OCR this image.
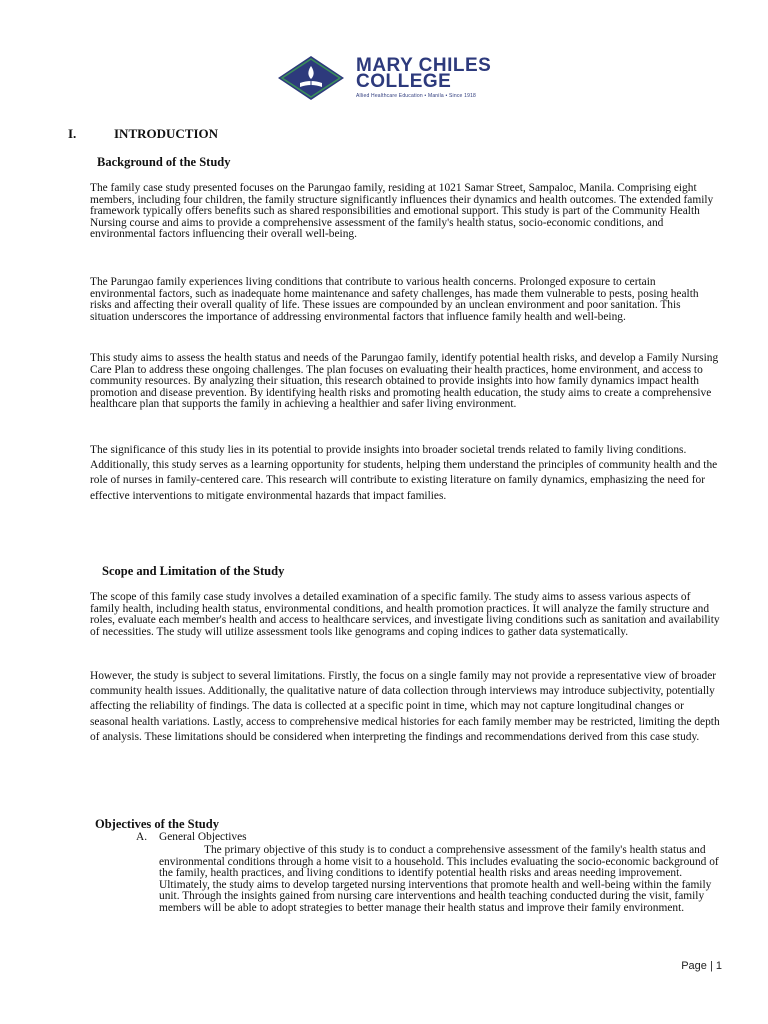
MARY CHILES
COLLEGE
Allied Healthcare Education • Manila • Since 1918
I.	INTRODUCTION
Background of the Study

The family case study presented focuses on the Parungao family, residing at 1021 Samar Street, Sampaloc, Manila. Comprising eight members, including four children, the family structure significantly influences their dynamics and health outcomes. The extended family framework typically offers benefits such as shared responsibilities and emotional support. This study is part of the Community Health Nursing course and aims to provide a comprehensive assessment of the family's health status, socio-economic conditions, and environmental factors influencing their overall well-being.

The Parungao family experiences living conditions that contribute to various health concerns. Prolonged exposure to certain environmental factors, such as inadequate home maintenance and safety challenges, has made them vulnerable to pests, posing health risks and affecting their overall quality of life. These issues are compounded by an unclean environment and poor sanitation. This situation underscores the importance of addressing environmental factors that influence family health and well-being.

This study aims to assess the health status and needs of the Parungao family, identify potential health risks, and develop a Family Nursing Care Plan to address these ongoing challenges. The plan focuses on evaluating their health practices, home environment, and access to community resources. By analyzing their situation, this research obtained to provide insights into how family dynamics impact health promotion and disease prevention. By identifying health risks and promoting health education, the study aims to create a comprehensive healthcare plan that supports the family in achieving a healthier and safer living environment.

The significance of this study lies in its potential to provide insights into broader societal trends related to family living conditions. Additionally, this study serves as a learning opportunity for students, helping them understand the principles of community health and the role of nurses in family-centered care. This research will contribute to existing literature on family dynamics, emphasizing the need for effective interventions to mitigate environmental hazards that impact families.

Scope and Limitation of the Study

The scope of this family case study involves a detailed examination of a specific family. The study aims to assess various aspects of family health, including health status, environmental conditions, and health promotion practices. It will analyze the family structure and roles, evaluate each member's health and access to healthcare services, and investigate living conditions such as sanitation and availability of necessities. The study will utilize assessment tools like genograms and coping indices to gather data systematically.

However, the study is subject to several limitations. Firstly, the focus on a single family may not provide a representative view of broader community health issues. Additionally, the qualitative nature of data collection through interviews may introduce subjectivity, potentially affecting the reliability of findings. The data is collected at a specific point in time, which may not capture longitudinal changes or seasonal health variations. Lastly, access to comprehensive medical histories for each family member may be restricted, limiting the depth of analysis. These limitations should be considered when interpreting the findings and recommendations derived from this case study.

Objectives of the Study
A. General Objectives

The primary objective of this study is to conduct a comprehensive assessment of the family's health status and environmental conditions through a home visit to a household. This includes evaluating the socio-economic background of the family, health practices, and living conditions to identify potential health risks and areas needing improvement. Ultimately, the study aims to develop targeted nursing interventions that promote health and well-being within the family unit. Through the insights gained from nursing care interventions and health teaching conducted during the visit, family members will be able to adopt strategies to better manage their health status and improve their family environment.

Page | 1
